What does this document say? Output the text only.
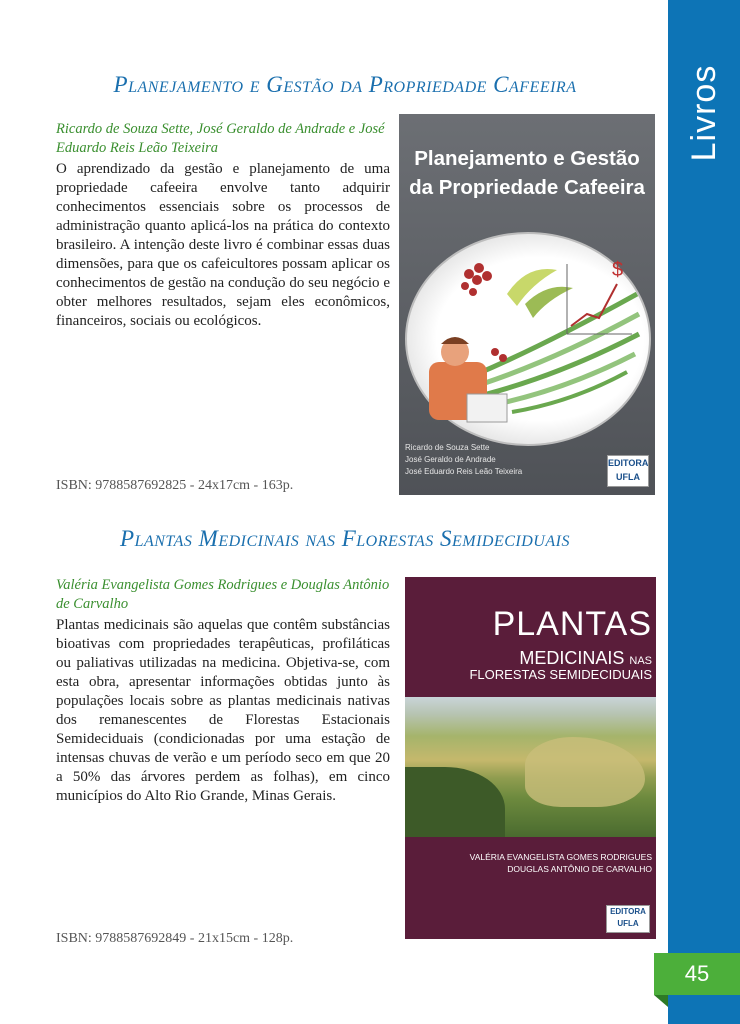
Livros
45
Planejamento e Gestão da Propriedade Cafeeira
Ricardo de Souza Sette, José Geraldo de Andrade e José Eduardo Reis Leão Teixeira
O aprendizado da gestão e planejamento de uma propriedade cafeeira envolve tanto adquirir conhecimentos essenciais sobre os processos de administração quanto aplicá-los na prática do contexto brasileiro. A intenção deste livro é combinar essas duas dimensões, para que os cafeicultores possam aplicar os conhecimentos de gestão na condução do seu negócio e obter melhores resultados, sejam eles econômicos, financeiros, sociais ou ecológicos.
ISBN: 9788587692825 - 24x17cm - 163p.
Planejamento e Gestão da Propriedade Cafeeira
$
Ricardo de Souza Sette
José Geraldo de Andrade
José Eduardo Reis Leão Teixeira
EDITORA
UFLA
Plantas Medicinais nas Florestas Semideciduais
Valéria Evangelista Gomes Rodrigues e Douglas Antônio de Carvalho
Plantas medicinais são aquelas que contêm substâncias bioativas com propriedades terapêuticas, profiláticas ou paliativas utilizadas na medicina. Objetiva-se, com esta obra, apresentar informações obtidas junto às populações locais sobre as plantas medicinais nativas dos remanescentes de Florestas Estacionais Semideciduais (condicionadas por uma estação de intensas chuvas de verão e um período seco em que 20 a 50% das árvores perdem as folhas), em cinco municípios do Alto Rio Grande, Minas Gerais.
ISBN: 9788587692849 - 21x15cm - 128p.
PLANTAS
MEDICINAIS NAS
FLORESTAS SEMIDECIDUAIS
VALÉRIA EVANGELISTA GOMES RODRIGUES
DOUGLAS ANTÔNIO DE CARVALHO
EDITORA
UFLA
